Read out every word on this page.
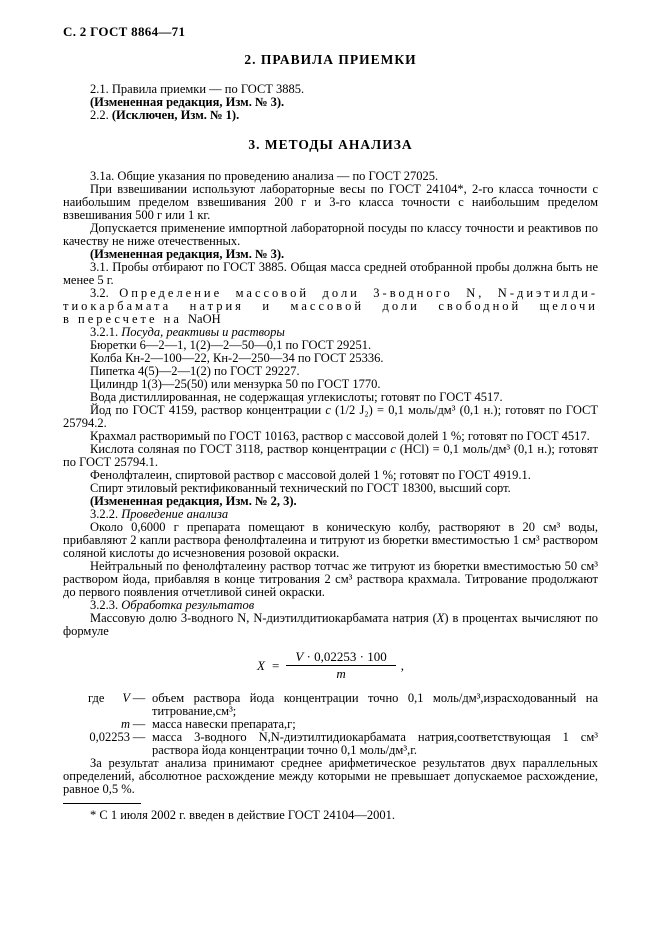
С. 2 ГОСТ 8864—71
2. ПРАВИЛА ПРИЕМКИ

2.1. Правила приемки — по ГОСТ 3885.

(Измененная редакция, Изм. № 3).

2.2. (Исключен, Изм. № 1).

3. МЕТОДЫ АНАЛИЗА

3.1а. Общие указания по проведению анализа — по ГОСТ 27025.

При взвешивании используют лабораторные весы по ГОСТ 24104*, 2-го класса точности с наибольшим пределом взвешивания 200 г и 3-го класса точности с наибольшим пределом взвешивания 500 г или 1 кг.

Допускается применение импортной лабораторной посуды по классу точности и реактивов по качеству не ниже отечественных.

(Измененная редакция, Изм. № 3).

3.1. Пробы отбирают по ГОСТ 3885. Общая масса средней отобранной пробы должна быть не менее 5 г.

3.2. Определение массовой доли 3-водного N, N-диэтилди-
тиокарбамата натрия и массовой доли свободной щелочи
в пересчете на NaOH

3.2.1. Посуда, реактивы и растворы

Бюретки 6—2—1, 1(2)—2—50—0,1 по ГОСТ 29251.

Колба Кн-2—100—22, Кн-2—250—34 по ГОСТ 25336.

Пипетка 4(5)—2—1(2) по ГОСТ 29227.

Цилиндр 1(3)—25(50) или мензурка 50 по ГОСТ 1770.

Вода дистиллированная, не содержащая углекислоты; готовят по ГОСТ 4517.

Йод по ГОСТ 4159, раствор концентрации с (1/2 J₂) = 0,1 моль/дм³ (0,1 н.); готовят по ГОСТ 25794.2.

Крахмал растворимый по ГОСТ 10163, раствор с массовой долей 1 %; готовят по ГОСТ 4517.

Кислота соляная по ГОСТ 3118, раствор концентрации с (HCl) = 0,1 моль/дм³ (0,1 н.); готовят по ГОСТ 25794.1.

Фенолфталеин, спиртовой раствор с массовой долей 1 %; готовят по ГОСТ 4919.1.

Спирт этиловый ректификованный технический по ГОСТ 18300, высший сорт.

(Измененная редакция, Изм. № 2, 3).

3.2.2. Проведение анализа

Около 0,6000 г препарата помещают в коническую колбу, растворяют в 20 см³ воды, прибавляют 2 капли раствора фенолфталеина и титруют из бюретки вместимостью 1 см³ раствором соляной кислоты до исчезновения розовой окраски.

Нейтральный по фенолфталеину раствор тотчас же титруют из бюретки вместимостью 50 см³ раствором йода, прибавляя в конце титрования 2 см³ раствора крахмала. Титрование продолжают до первого появления отчетливой синей окраски.

3.2.3. Обработка результатов

Массовую долю 3-водного N, N-диэтилдитиокарбамата натрия (X) в процентах вычисляют по формуле

$X = \frac{V \cdot 0,02253 \cdot 100}{m}$ ,
где V — объем раствора йода концентрации точно 0,1 моль/дм³,израсходованный на титрование,см³;
m — масса навески препарата,г;
0,02253 — масса 3-водного N,N-диэтилтидиокарбамата натрия,соответствующая 1 см³ раствора йода концентрации точно 0,1 моль/дм³,г.

За результат анализа принимают среднее арифметическое результатов двух параллельных определений, абсолютное расхождение между которыми не превышает допускаемое расхождение, равное 0,5 %.

* С 1 июля 2002 г. введен в действие ГОСТ 24104—2001.
